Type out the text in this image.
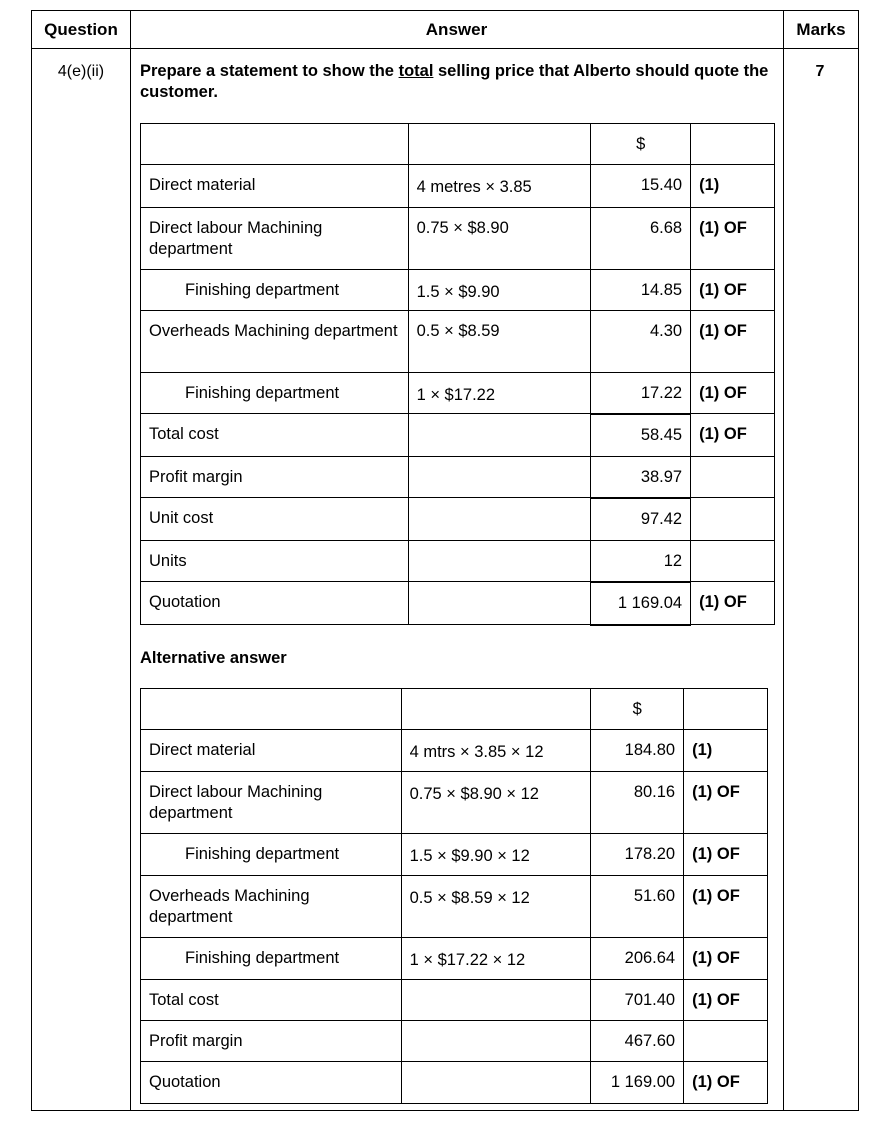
Question	Answer	Marks
4(e)(ii)	7
Prepare a statement to show the total selling price that Alberto should quote the customer.
		$	
Direct material	4 metres × 3.85	15.40	(1)
Direct labour Machining department	0.75 × $8.90	6.68	(1) OF
Finishing department	1.5 × $9.90	14.85	(1) OF
Overheads Machining department	0.5 × $8.59	4.30	(1) OF
Finishing department	1 × $17.22	17.22	(1) OF
Total cost		58.45	(1) OF
Profit margin		38.97	
Unit cost		97.42	
Units		12	
Quotation		1 169.04	(1) OF
Alternative answer
		$	
Direct material	4 mtrs × 3.85 × 12	184.80	(1)
Direct labour Machining department	0.75 × $8.90 × 12	80.16	(1) OF
Finishing department	1.5 × $9.90 × 12	178.20	(1) OF
Overheads Machining department	0.5 × $8.59 × 12	51.60	(1) OF
Finishing department	1 × $17.22 × 12	206.64	(1) OF
Total cost		701.40	(1) OF
Profit margin		467.60	
Quotation		1 169.00	(1) OF
